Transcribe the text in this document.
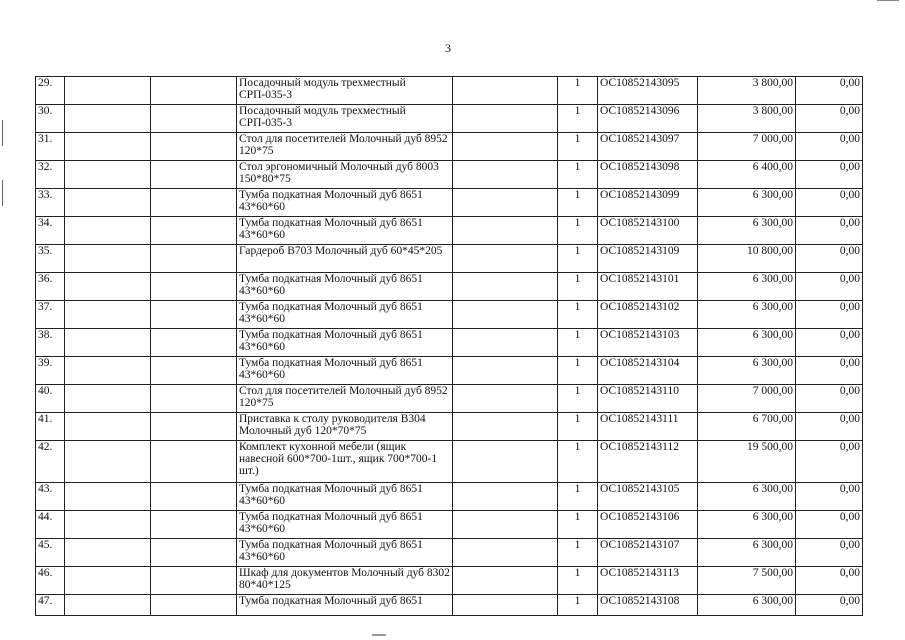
3
29.			Посадочный модуль трехместный СРП-035-3		1	ОС10852143095	3 800,00	0,00
30.			Посадочный модуль трехместный СРП-035-3		1	ОС10852143096	3 800,00	0,00
31.			Стол для посетителей Молочный дуб 8952 120*75		1	ОС10852143097	7 000,00	0,00
32.			Стол эргономичный Молочный дуб 8003 150*80*75		1	ОС10852143098	6 400,00	0,00
33.			Тумба подкатная Молочный дуб 8651 43*60*60		1	ОС10852143099	6 300,00	0,00
34.			Тумба подкатная Молочный дуб 8651 43*60*60		1	ОС10852143100	6 300,00	0,00
35.			Гардероб В703 Молочный дуб 60*45*205		1	ОС10852143109	10 800,00	0,00
36.			Тумба подкатная Молочный дуб 8651 43*60*60		1	ОС10852143101	6 300,00	0,00
37.			Тумба подкатная Молочный дуб 8651 43*60*60		1	ОС10852143102	6 300,00	0,00
38.			Тумба подкатная Молочный дуб 8651 43*60*60		1	ОС10852143103	6 300,00	0,00
39.			Тумба подкатная Молочный дуб 8651 43*60*60		1	ОС10852143104	6 300,00	0,00
40.			Стол для посетителей Молочный дуб 8952 120*75		1	ОС10852143110	7 000,00	0,00
41.			Приставка к столу руководителя В304 Молочный дуб 120*70*75		1	ОС10852143111	6 700,00	0,00
42.			Комплект кухонной мебели (ящик навесной 600*700-1шт., ящик 700*700-1 шт.)		1	ОС10852143112	19 500,00	0,00
43.			Тумба подкатная Молочный дуб 8651 43*60*60		1	ОС10852143105	6 300,00	0,00
44.			Тумба подкатная Молочный дуб 8651 43*60*60		1	ОС10852143106	6 300,00	0,00
45.			Тумба подкатная Молочный дуб 8651 43*60*60		1	ОС10852143107	6 300,00	0,00
46.			Шкаф для документов Молочный дуб 8302 80*40*125		1	ОС10852143113	7 500,00	0,00
47.			Тумба подкатная Молочный дуб 8651		1	ОС10852143108	6 300,00	0,00
